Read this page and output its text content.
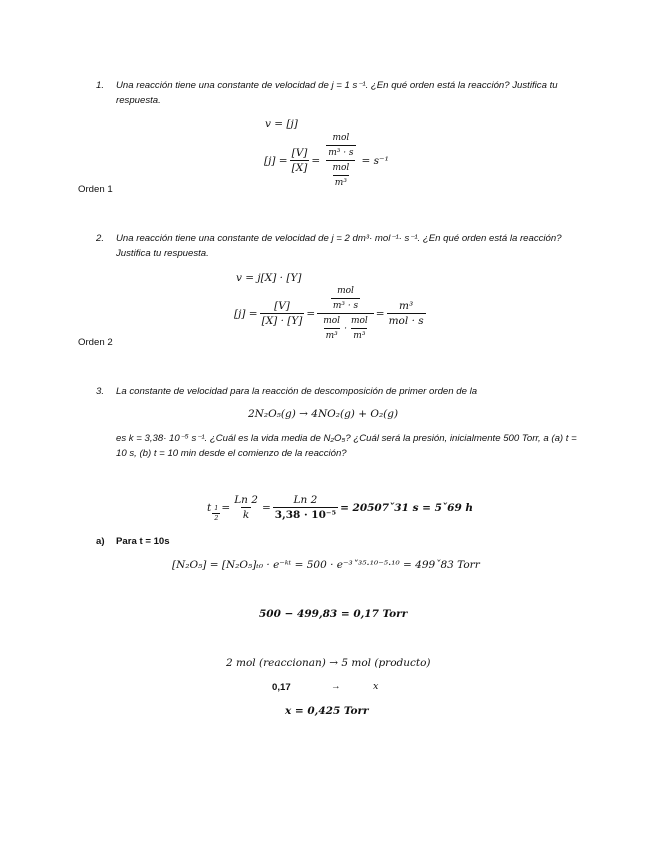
1. Una reacción tiene una constante de velocidad de j = 1 s⁻¹. ¿En qué orden está la reacción? Justifica tu respuesta.
v = [j]
$[j] = \frac{[V]}{[X]} = \frac{\frac{\text{mol}}{\text{m³ · s}}}{\frac{\text{mol}}{\text{m³}}} = s^{-1}$
Orden 1
2. Una reacción tiene una constante de velocidad de j = 2 dm³· mol⁻¹· s⁻¹. ¿En qué orden está la reacción? Justifica tu respuesta.
v = j[X] · [Y]
$[j] = \frac{[V]}{[X] \cdot [Y]} = \frac{\frac{\text{mol}}{\text{m³ · s}}}{\frac{\text{mol}}{\text{m³}} \cdot \frac{\text{mol}}{\text{m³}}} = \frac{\text{m³}}{\text{mol · s}}$
Orden 2
3. La constante de velocidad para la reacción de descomposición de primer orden de la
2N₂O₅(g) → 4NO₂(g) + O₂(g)
es k = 3,38· 10⁻⁵ s⁻¹. ¿Cuál es la vida media de N₂O₅? ¿Cuál será la presión, inicialmente 500 Torr, a (a) t = 10 s, (b) t = 10 min desde el comienzo de la reacción?
t $\frac{1}{2} = \frac{Ln 2}{k} = \frac{Ln 2}{\text{3,38 · 10⁻⁵}}$ = 20507ˇ31 s = 5ˇ69 h
a) Para t = 10s
[N₂O₅] = [N₂O₅]ₜ₀ · e⁻ᵏᵗ = 500 · e⁻³ˇ³⁵·¹⁰⁻⁵·¹⁰ = 499ˇ83 Torr
500 − 499,83 = 0,17 Torr
2 mol (reaccionan) → 5 mol (producto)
0,17	→	x
x = 0,425 Torr
